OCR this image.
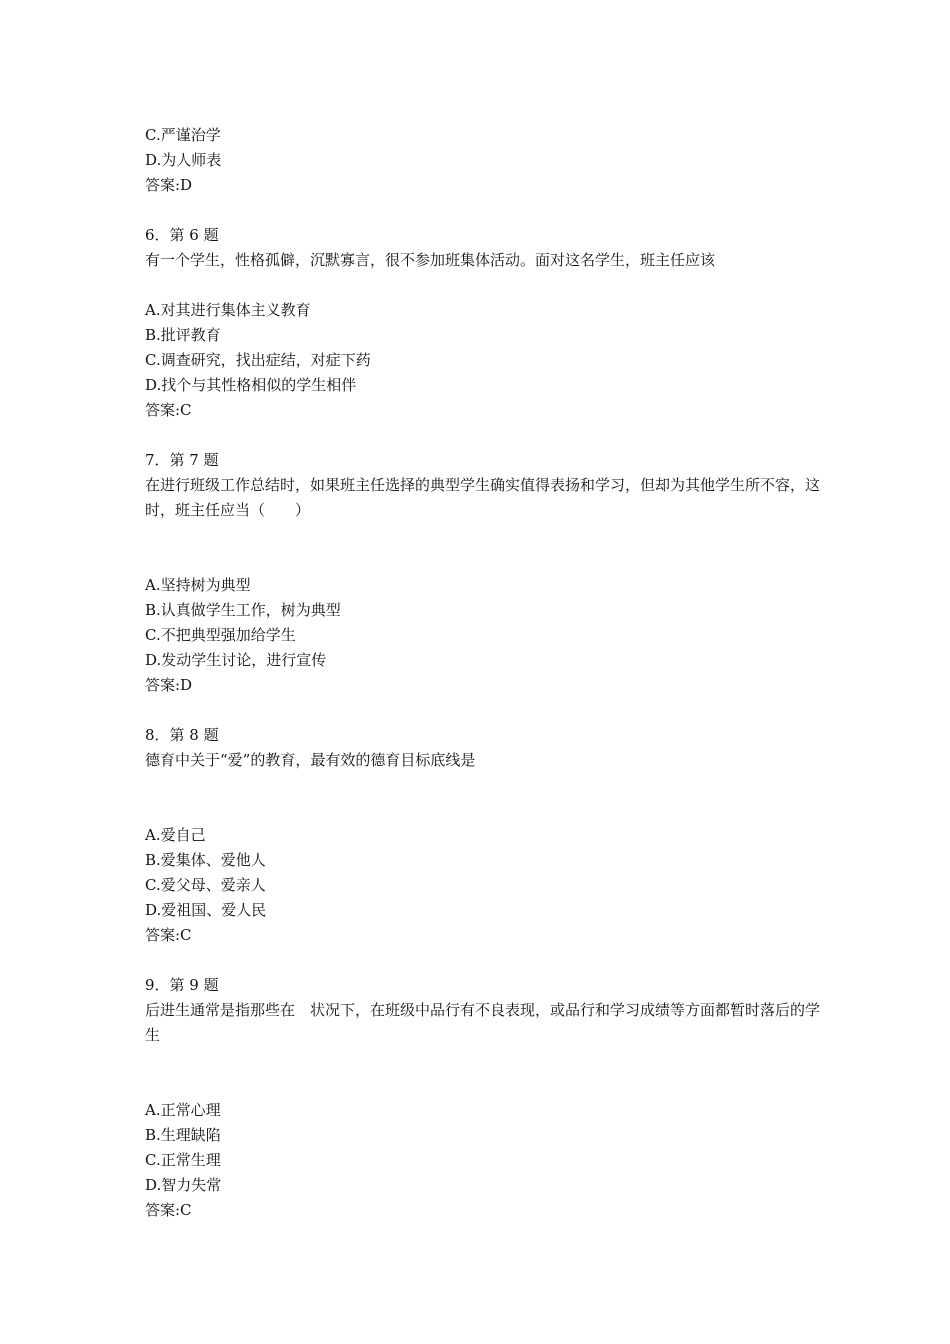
C.严谨治学
D.为人师表
答案:D
6．第 6 题
有一个学生，性格孤僻，沉默寡言，很不参加班集体活动。面对这名学生，班主任应该
A.对其进行集体主义教育
B.批评教育
C.调查研究，找出症结，对症下药
D.找个与其性格相似的学生相伴
答案:C
7．第 7 题
在进行班级工作总结时，如果班主任选择的典型学生确实值得表扬和学习，但却为其他学生所不容，这时，班主任应当（　　）
A.坚持树为典型
B.认真做学生工作，树为典型
C.不把典型强加给学生
D.发动学生讨论，进行宣传
答案:D
8．第 8 题
德育中关于“爱”的教育，最有效的德育目标底线是
A.爱自己
B.爱集体、爱他人
C.爱父母、爱亲人
D.爱祖国、爱人民
答案:C
9．第 9 题
后进生通常是指那些在　状况下，在班级中品行有不良表现，或品行和学习成绩等方面都暂时落后的学生
A.正常心理
B.生理缺陷
C.正常生理
D.智力失常
答案:C
